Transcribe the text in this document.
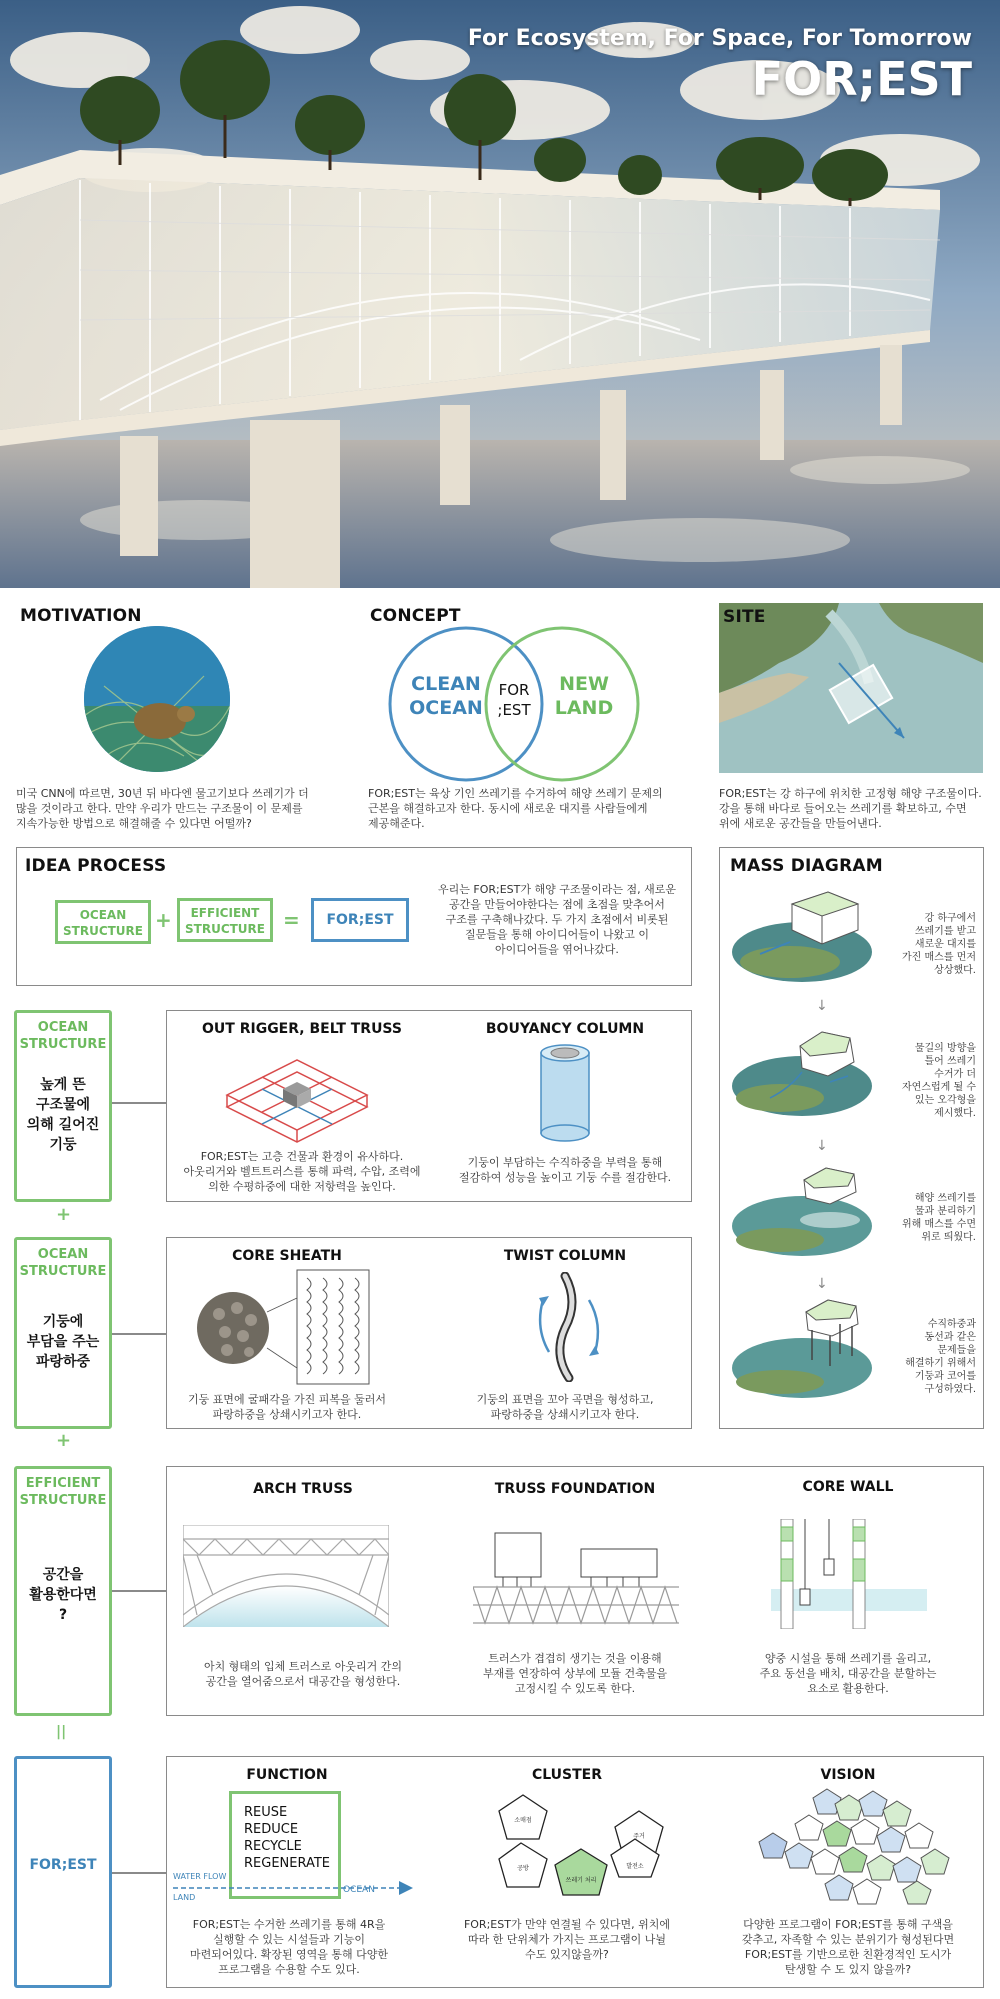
For Ecosystem, For Space, For Tomorrow
FOR;EST
MOTIVATION
미국 CNN에 따르면, 30년 뒤 바다엔 물고기보다 쓰레기가 더
많을 것이라고 한다. 만약 우리가 만드는 구조물이 이 문제를
지속가능한 방법으로 해결해줄 수 있다면 어떨까?
CONCEPT
CLEAN
OCEAN
FOR
;EST
NEW
LAND
FOR;EST는 육상 기인 쓰레기를 수거하여 해양 쓰레기 문제의
근본을 해결하고자 한다. 동시에 새로운 대지를 사람들에게
제공해준다.
SITE
FOR;EST는 강 하구에 위치한 고정형 해양 구조물이다.
강을 통해 바다로 들어오는 쓰레기를 확보하고, 수면
위에 새로운 공간들을 만들어낸다.
IDEA PROCESS
OCEAN
STRUCTURE +	EFFICIENT
STRUCTURE =	FOR;EST
우리는 FOR;EST가 해양 구조물이라는 점, 새로운
공간을 만들어야한다는 점에 초점을 맞추어서
구조를 구축해나갔다. 두 가지 초점에서 비롯된
질문들을 통해 아이디어들이 나왔고 이
아이디어들을 엮어나갔다.
MASS DIAGRAM
강 하구에서
쓰레기를 받고
새로운 대지를
가진 매스를 먼저
상상했다.
↓
물길의 방향을
틀어 쓰레기
수거가 더
자연스럽게 될 수
있는 오각형을
제시했다.
↓
해양 쓰레기를
물과 분리하기
위해 매스를 수면
위로 띄웠다.
↓
수직하중과
동선과 같은
문제들을
해결하기 위해서
기둥과 코어를
구성하였다.
OCEAN
STRUCTURE
높게 뜬
구조물에
의해 길어진
기둥
OUT RIGGER, BELT TRUSS
FOR;EST는 고층 건물과 환경이 유사하다.
아웃리거와 벨트트러스를 통해 파력, 수압, 조력에
의한 수평하중에 대한 저항력을 높인다.
BOUYANCY COLUMN
기둥이 부담하는 수직하중을 부력을 통해
절감하여 성능을 높이고 기둥 수를 절감한다.
+
OCEAN
STRUCTURE
기둥에
부담을 주는
파랑하중
CORE SHEATH
기둥 표면에 굴패각을 가진 피복을 둘러서
파랑하중을 상쇄시키고자 한다.
TWIST COLUMN
기둥의 표면을 꼬아 곡면을 형성하고,
파랑하중을 상쇄시키고자 한다.
+
EFFICIENT
STRUCTURE
공간을
활용한다면
?
ARCH TRUSS
아치 형태의 입체 트러스로 아웃리거 간의
공간을 열어줌으로서 대공간을 형성한다.
TRUSS FOUNDATION
트러스가 겹겹히 생기는 것을 이용해
부재를 연장하여 상부에 모듈 건축물을
고정시킬 수 있도록 한다.
CORE WALL
양중 시설을 통해 쓰레기를 올리고,
주요 동선을 배치, 대공간을 분할하는
요소로 활용한다.
||
FOR;EST
FUNCTION
REUSE
REDUCE
RECYCLE
REGENERATE
WATER FLOW
LAND
OCEAN
FOR;EST는 수거한 쓰레기를 통해 4R을
실행할 수 있는 시설들과 기능이
마련되어있다. 확장된 영역을 통해 다양한
프로그램을 수용할 수도 있다.
CLUSTER
소매점
주거
공방
쓰레기 처리
발전소
FOR;EST가 만약 연결될 수 있다면, 위치에
따라 한 단위체가 가지는 프로그램이 나뉠
수도 있지않을까?
VISION
다양한 프로그램이 FOR;EST를 통해 구색을
갖추고, 자족할 수 있는 분위기가 형성된다면
FOR;EST를 기반으로한 친환경적인 도시가
탄생할 수 도 있지 않을까?
